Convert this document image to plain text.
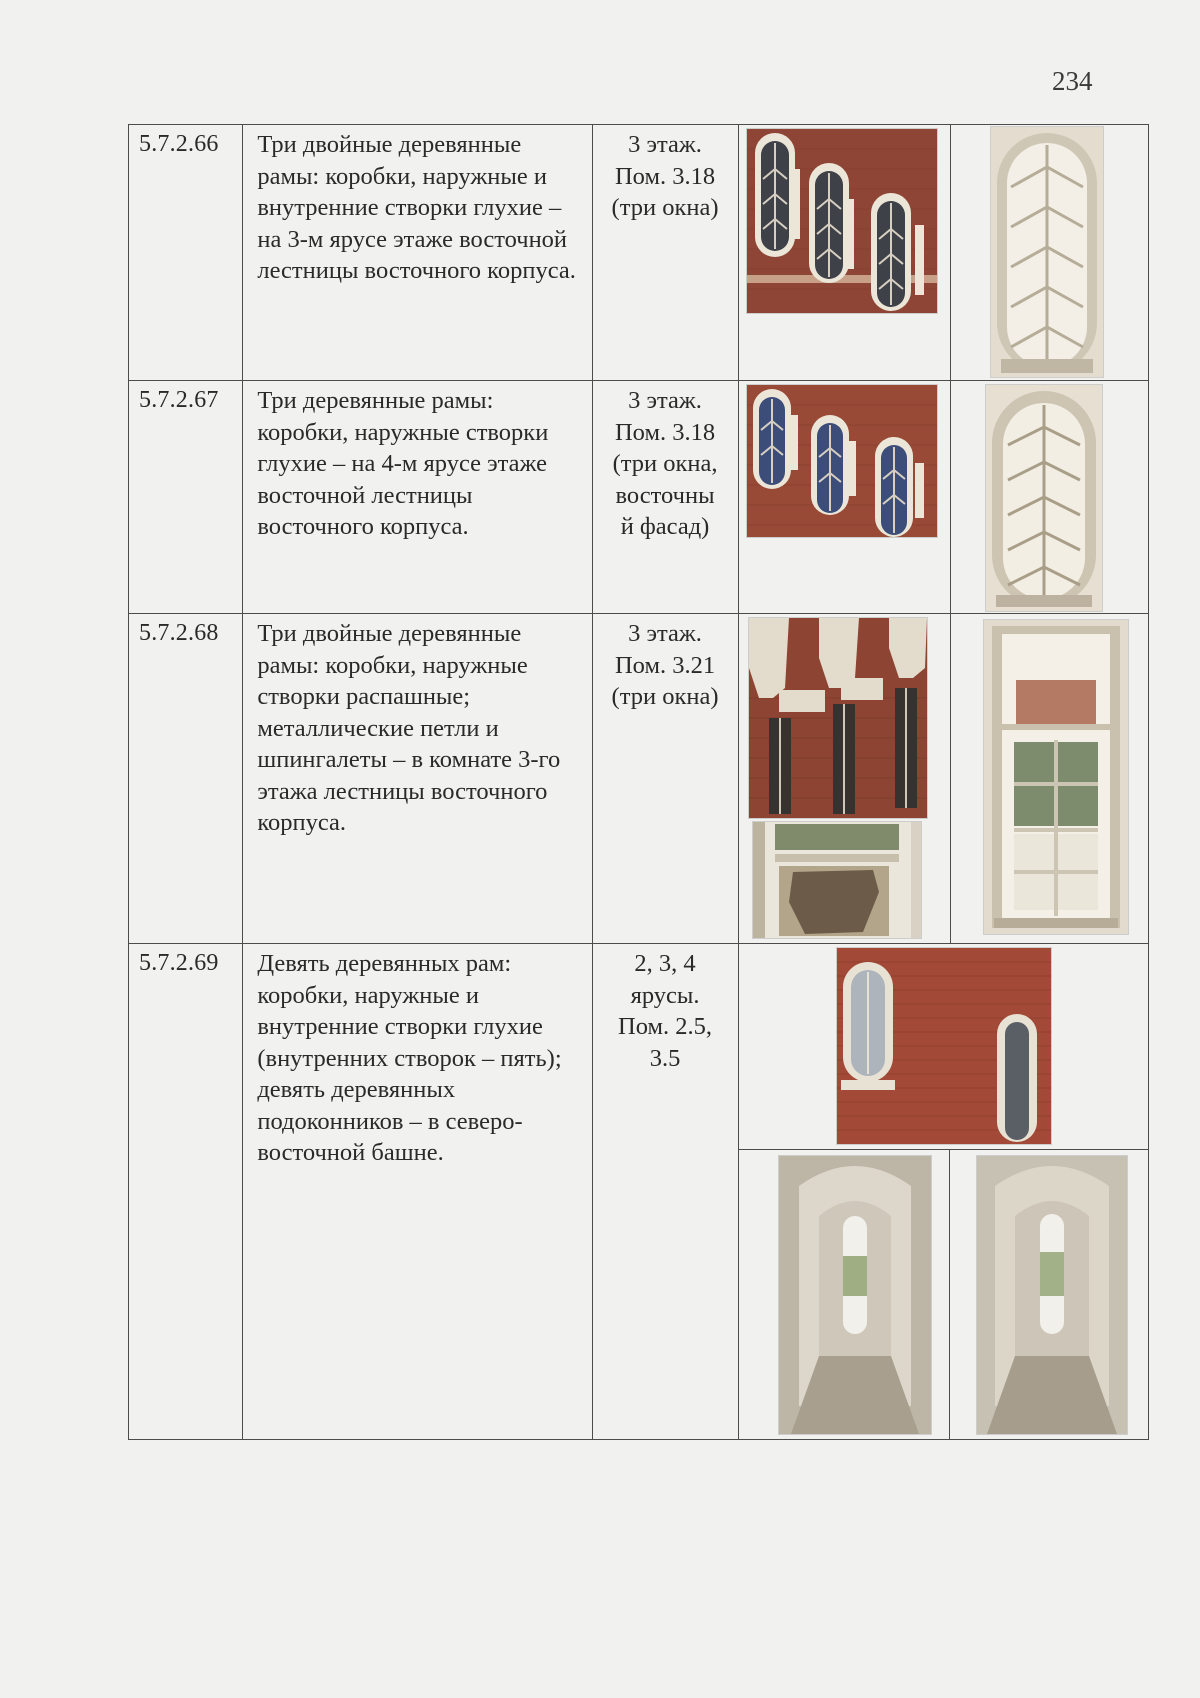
234
5.7.2.66	Три двойные деревянные рамы: коробки, наружные и внутренние створки глухие – на 3-м ярусе этаже восточной лестницы восточного корпуса.	3 этаж.
Пом. 3.18
(три окна)

5.7.2.67	Три деревянные рамы: коробки, наружные створки глухие – на 4-м ярусе этаже восточной лестницы восточного корпуса.	3 этаж.
Пом. 3.18
(три окна,
восточны
й фасад)

5.7.2.68	Три двойные деревянные рамы: коробки, наружные створки распашные; металлические петли и шпингалеты – в комнате 3-го этажа лестницы восточного корпуса.	3 этаж.
Пом. 3.21
(три окна)

5.7.2.69	Девять деревянных рам: коробки, наружные и внутренние створки глухие (внутренних створок – пять); девять деревянных подоконников – в северо-восточной башне.	2, 3, 4
ярусы.
Пом. 2.5,
3.5
